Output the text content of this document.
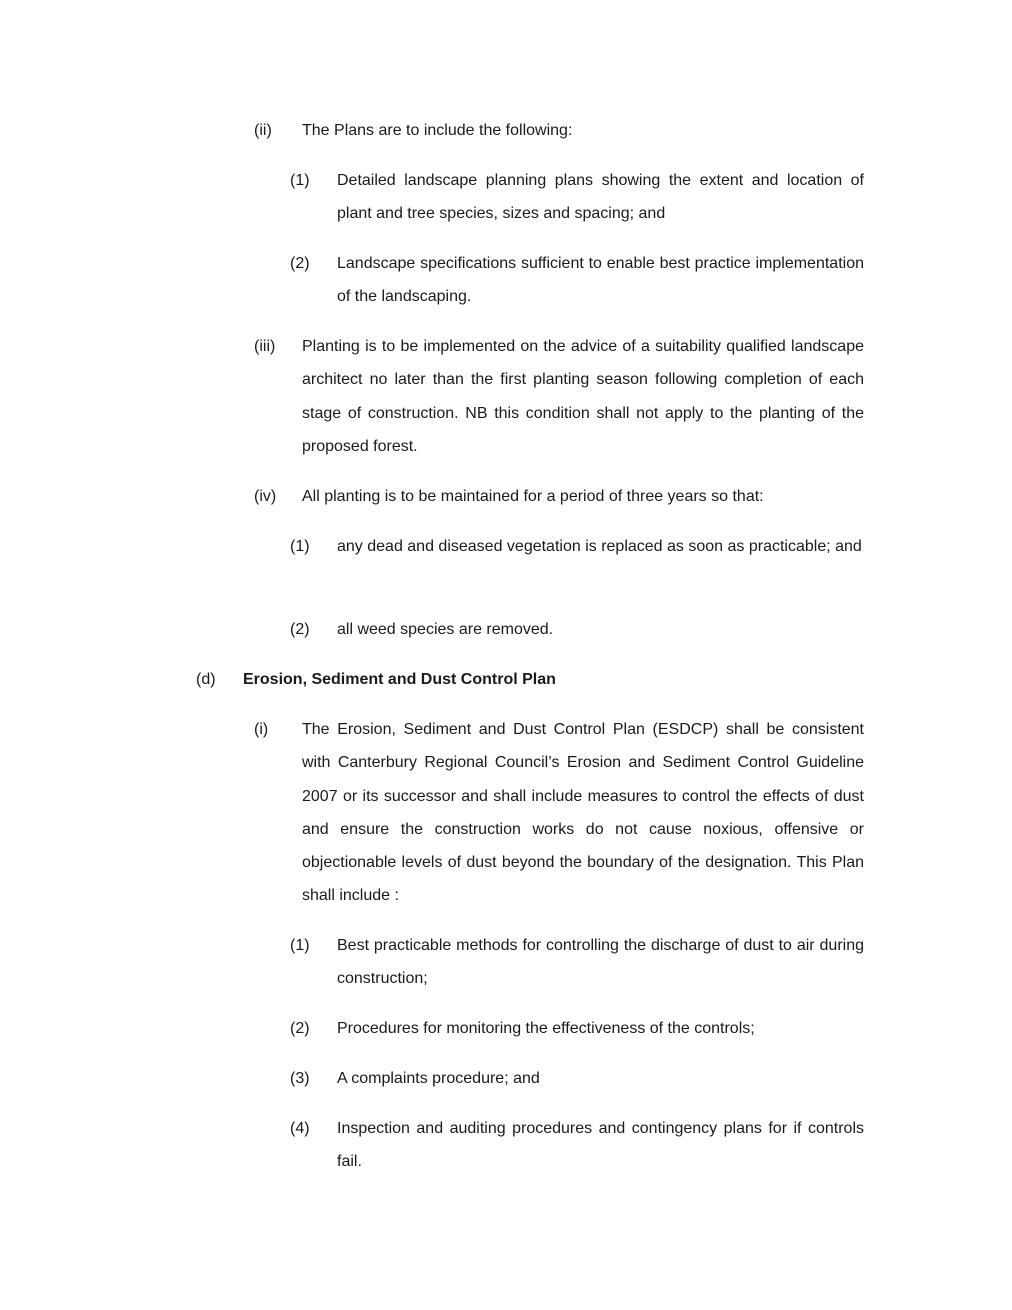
(ii) The Plans are to include the following:
(1) Detailed landscape planning plans showing the extent and location of plant and tree species, sizes and spacing; and
(2) Landscape specifications sufficient to enable best practice implementation of the landscaping.
(iii) Planting is to be implemented on the advice of a suitability qualified landscape architect no later than the first planting season following completion of each stage of construction. NB this condition shall not apply to the planting of the proposed forest.
(iv) All planting is to be maintained for a period of three years so that:
(1) any dead and diseased vegetation is replaced as soon as practicable; and
(2) all weed species are removed.
(d) Erosion, Sediment and Dust Control Plan
(i) The Erosion, Sediment and Dust Control Plan (ESDCP) shall be consistent with Canterbury Regional Council’s Erosion and Sediment Control Guideline 2007 or its successor and shall include measures to control the effects of dust and ensure the construction works do not cause noxious, offensive or objectionable levels of dust beyond the boundary of the designation. This Plan shall include :
(1) Best practicable methods for controlling the discharge of dust to air during construction;
(2) Procedures for monitoring the effectiveness of the controls;
(3) A complaints procedure; and
(4) Inspection and auditing procedures and contingency plans for if controls fail.
